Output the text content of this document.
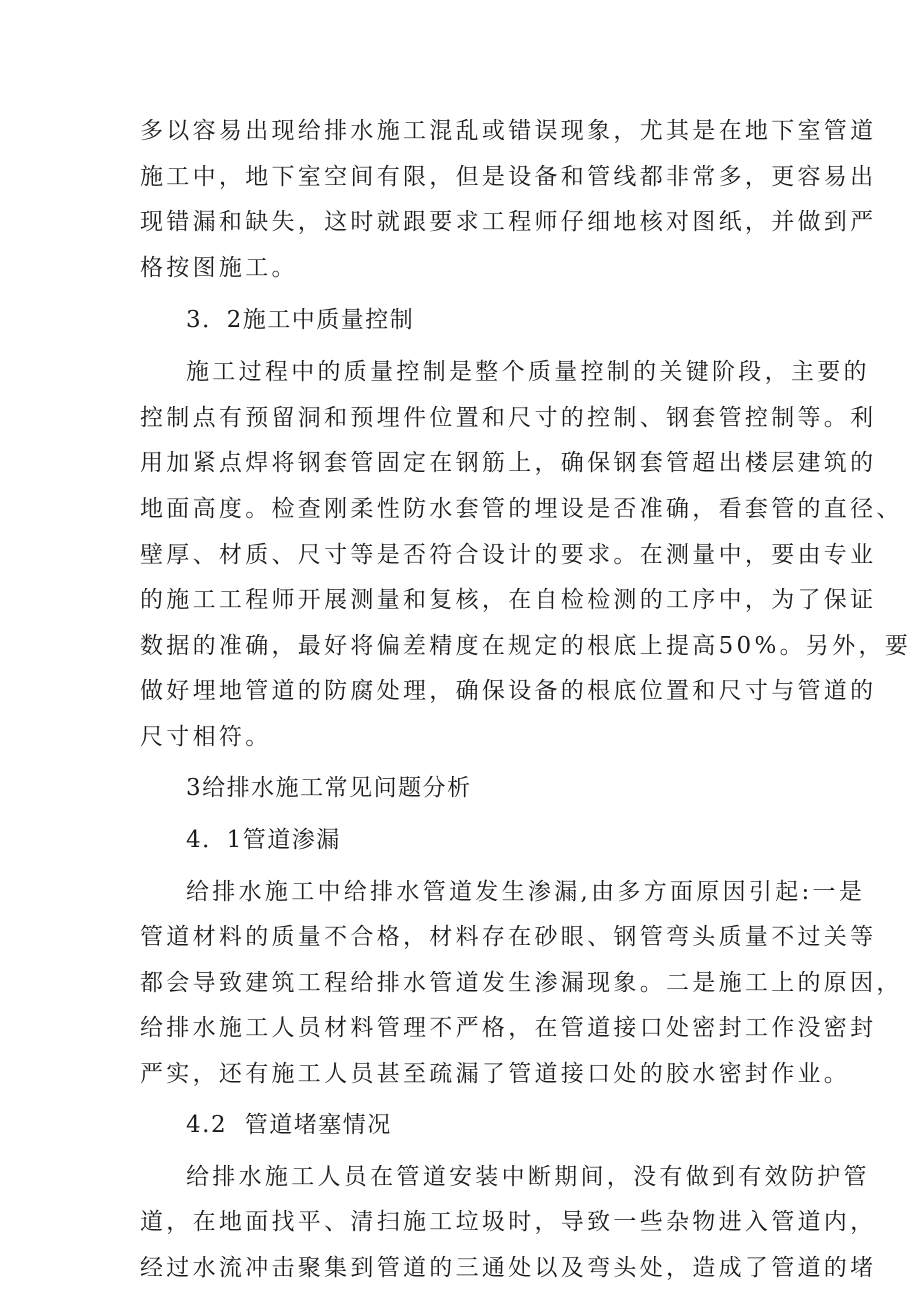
多以容易出现给排水施工混乱或错误现象，尤其是在地下室管道
施工中，地下室空间有限，但是设备和管线都非常多，更容易出
现错漏和缺失，这时就跟要求工程师仔细地核对图纸，并做到严
格按图施工。
3．2施工中质量控制
施工过程中的质量控制是整个质量控制的关键阶段，主要的
控制点有预留洞和预埋件位置和尺寸的控制、钢套管控制等。利
用加紧点焊将钢套管固定在钢筋上，确保钢套管超出楼层建筑的
地面高度。检查刚柔性防水套管的埋设是否准确，看套管的直径、
壁厚、材质、尺寸等是否符合设计的要求。在测量中，要由专业
的施工工程师开展测量和复核，在自检检测的工序中，为了保证
数据的准确，最好将偏差精度在规定的根底上提高50%。另外，要
做好埋地管道的防腐处理，确保设备的根底位置和尺寸与管道的
尺寸相符。
3给排水施工常见问题分析
4．1管道渗漏
给排水施工中给排水管道发生渗漏,由多方面原因引起:一是
管道材料的质量不合格，材料存在砂眼、钢管弯头质量不过关等
都会导致建筑工程给排水管道发生渗漏现象。二是施工上的原因，
给排水施工人员材料管理不严格，在管道接口处密封工作没密封
严实，还有施工人员甚至疏漏了管道接口处的胶水密封作业。
4.2  管道堵塞情况
给排水施工人员在管道安装中断期间，没有做到有效防护管
道，在地面找平、清扫施工垃圾时，导致一些杂物进入管道内，
经过水流冲击聚集到管道的三通处以及弯头处，造成了管道的堵
